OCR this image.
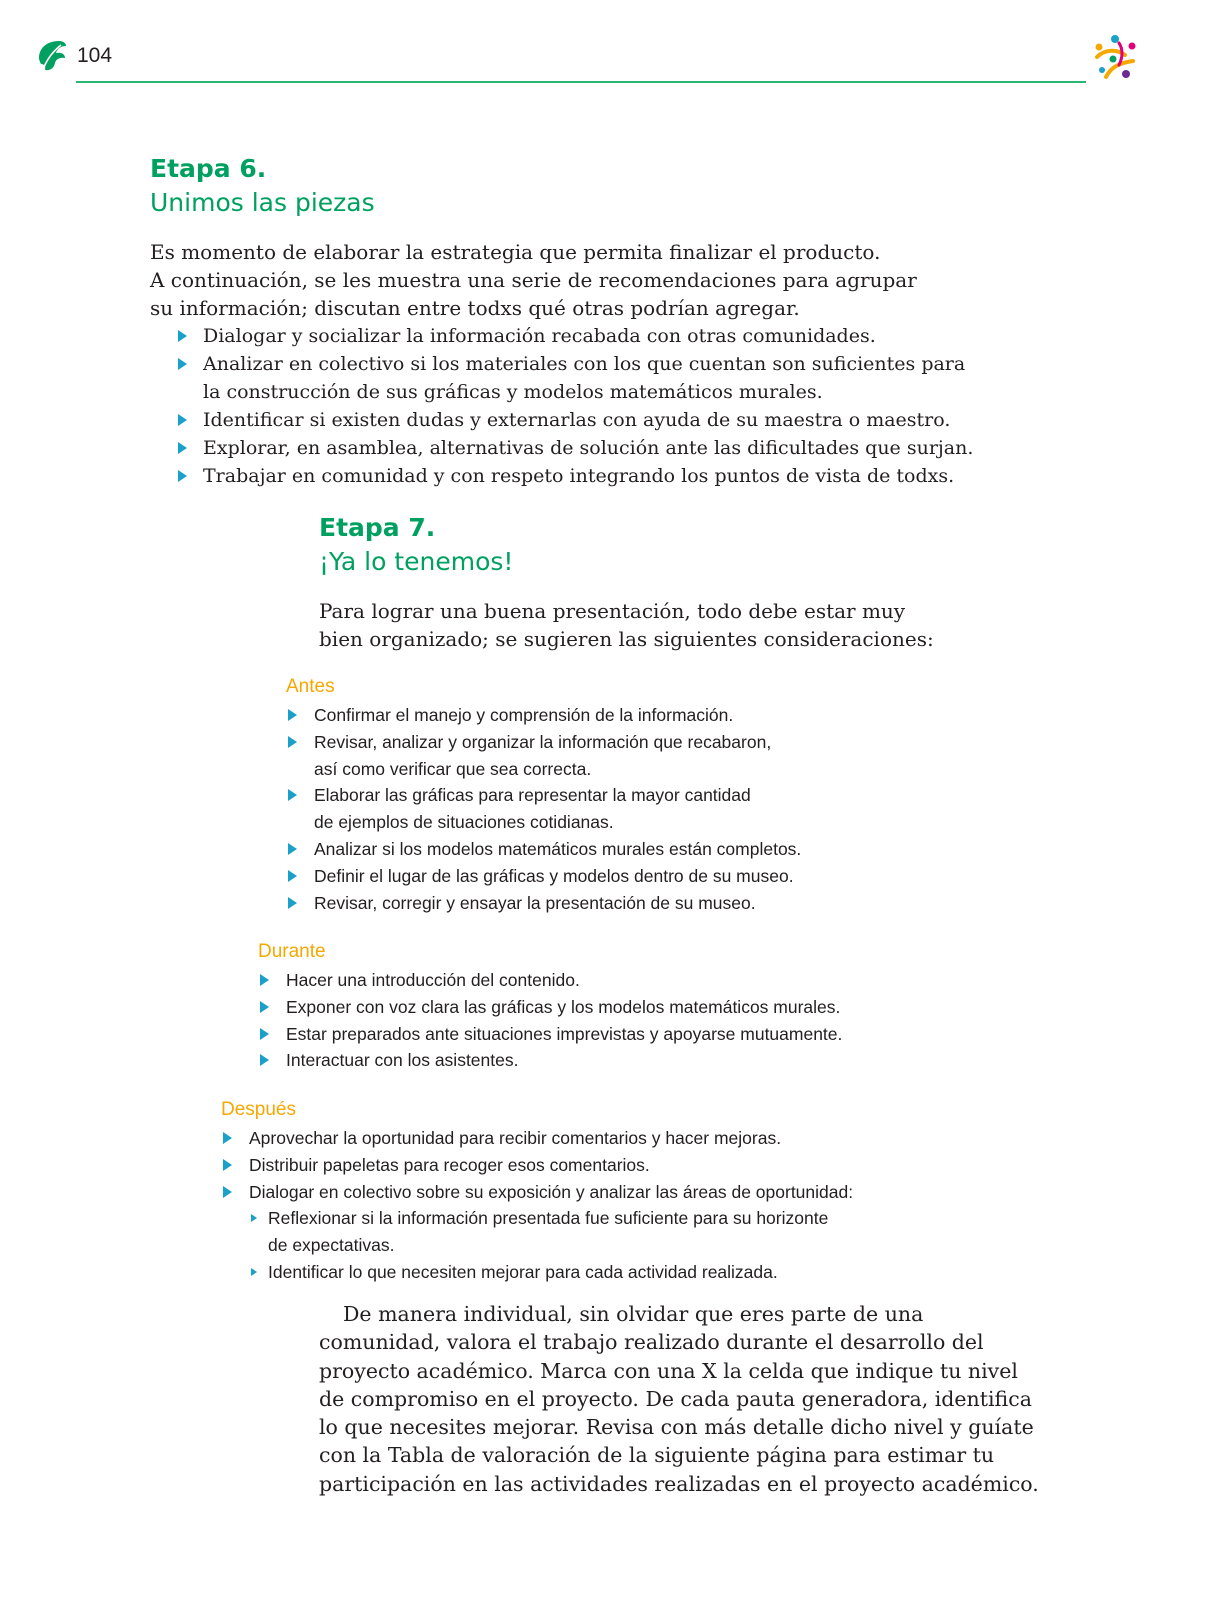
104
Etapa 6.
Unimos las piezas

Es momento de elaborar la estrategia que permita finalizar el producto.
A continuación, se les muestra una serie de recomendaciones para agrupar
su información; discutan entre todxs qué otras podrían agregar.

Dialogar y socializar la información recabada con otras comunidades.
Analizar en colectivo si los materiales con los que cuentan son suficientes para
la construcción de sus gráficas y modelos matemáticos murales.
Identificar si existen dudas y externarlas con ayuda de su maestra o maestro.
Explorar, en asamblea, alternativas de solución ante las dificultades que surjan.
Trabajar en comunidad y con respeto integrando los puntos de vista de todxs.
Etapa 7.
¡Ya lo tenemos!

Para lograr una buena presentación, todo debe estar muy
bien organizado; se sugieren las siguientes consideraciones:

Antes
Confirmar el manejo y comprensión de la información.
Revisar, analizar y organizar la información que recabaron,
así como verificar que sea correcta.
Elaborar las gráficas para representar la mayor cantidad
de ejemplos de situaciones cotidianas.
Analizar si los modelos matemáticos murales están completos.
Definir el lugar de las gráficas y modelos dentro de su museo.
Revisar, corregir y ensayar la presentación de su museo.
Durante
Hacer una introducción del contenido.
Exponer con voz clara las gráficas y los modelos matemáticos murales.
Estar preparados ante situaciones imprevistas y apoyarse mutuamente.
Interactuar con los asistentes.
Después
Aprovechar la oportunidad para recibir comentarios y hacer mejoras.
Distribuir papeletas para recoger esos comentarios.
Dialogar en colectivo sobre su exposición y analizar las áreas de oportunidad:
Reflexionar si la información presentada fue suficiente para su horizonte
de expectativas.
Identificar lo que necesiten mejorar para cada actividad realizada.

De manera individual, sin olvidar que eres parte de una
comunidad, valora el trabajo realizado durante el desarrollo del
proyecto académico. Marca con una X la celda que indique tu nivel
de compromiso en el proyecto. De cada pauta generadora, identifica
lo que necesites mejorar. Revisa con más detalle dicho nivel y guíate
con la Tabla de valoración de la siguiente página para estimar tu
participación en las actividades realizadas en el proyecto académico.
